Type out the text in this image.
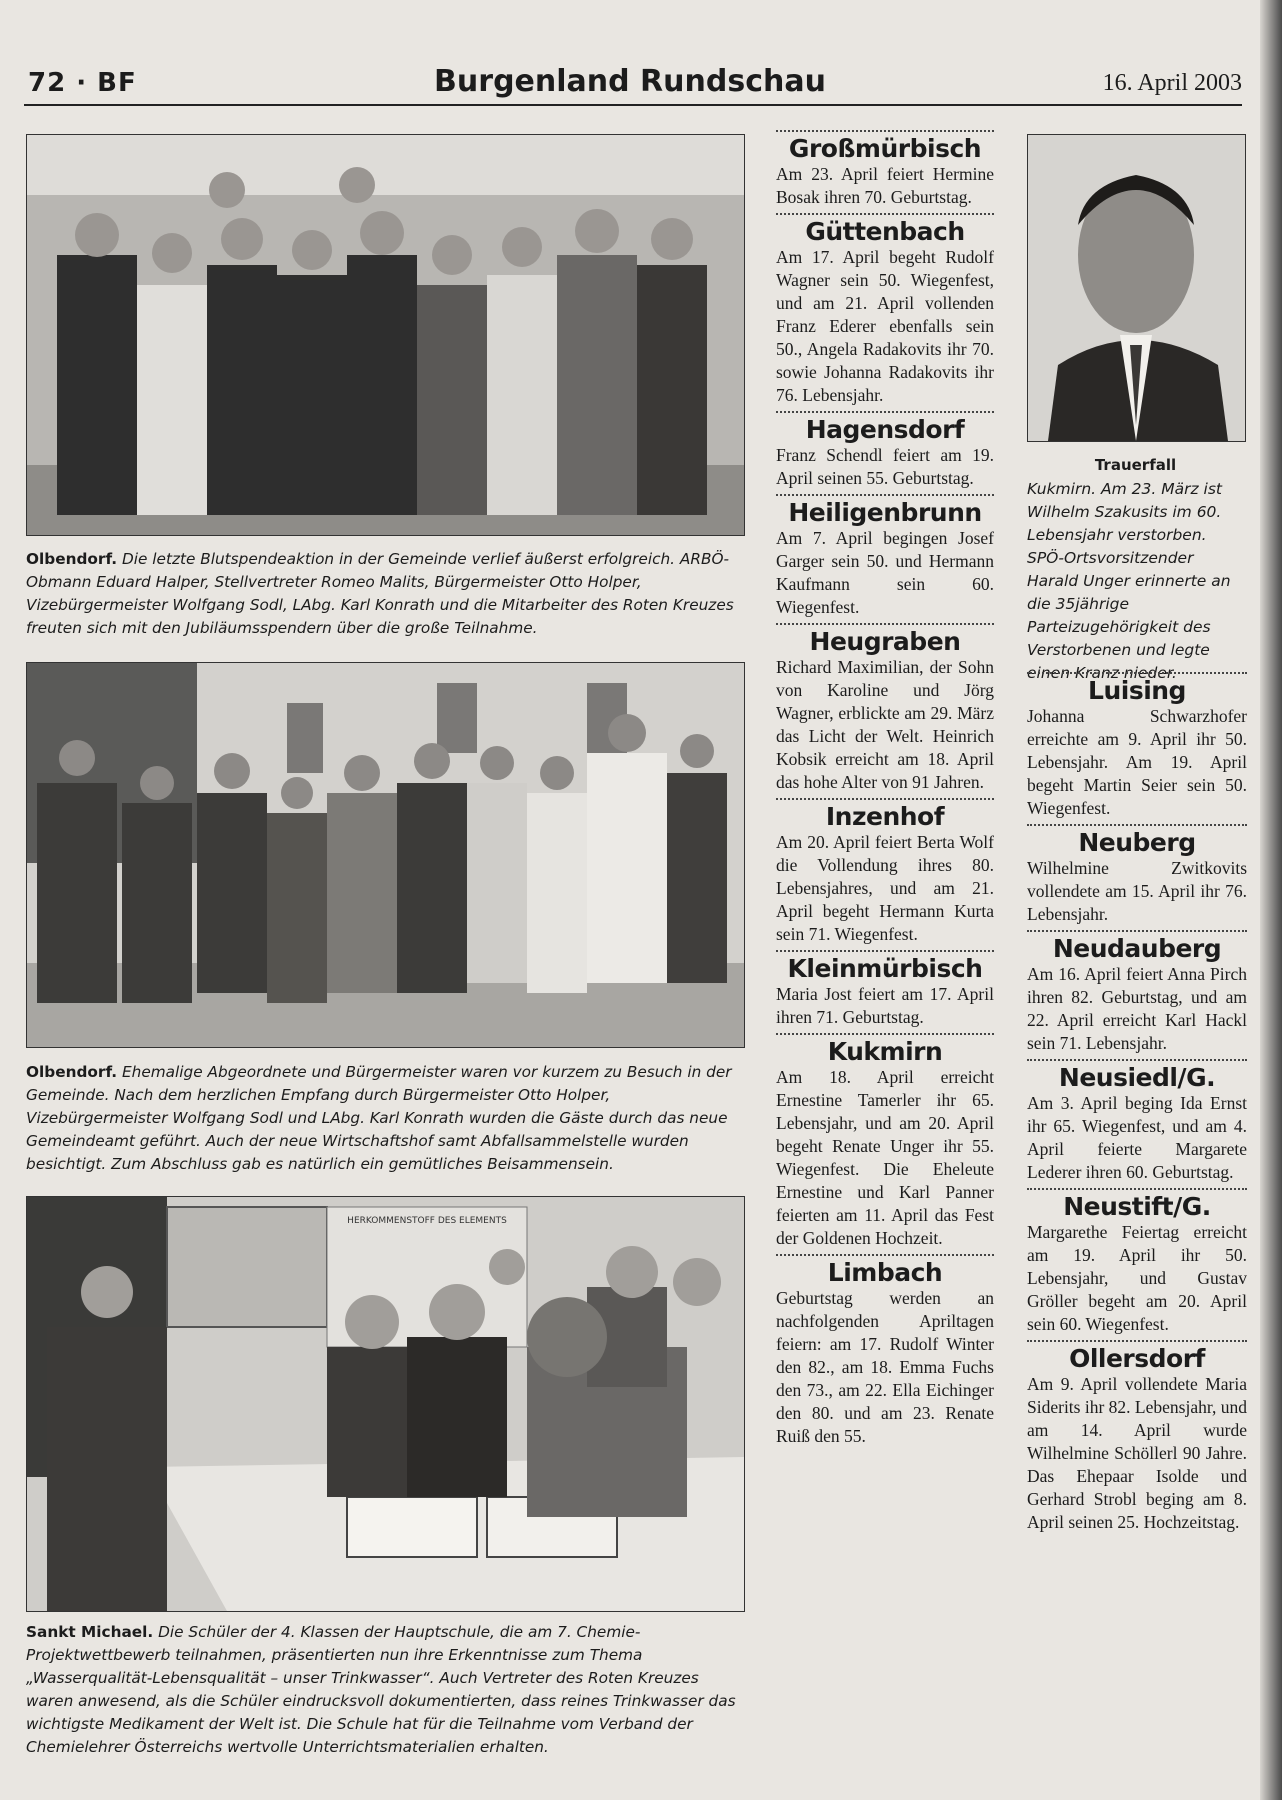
72 · BF	Burgenland Rundschau	16. April 2003
Olbendorf. Die letzte Blutspendeaktion in der Gemeinde verlief äußerst erfolgreich. ARBÖ-Obmann Eduard Halper, Stellvertreter Romeo Malits, Bürgermeister Otto Holper, Vizebürgermeister Wolfgang Sodl, LAbg. Karl Konrath und die Mitarbeiter des Roten Kreuzes freuten sich mit den Jubiläumsspendern über die große Teilnahme.
Olbendorf. Ehemalige Abgeordnete und Bürgermeister waren vor kurzem zu Besuch in der Gemeinde. Nach dem herzlichen Empfang durch Bürgermeister Otto Holper, Vizebürgermeister Wolfgang Sodl und LAbg. Karl Konrath wurden die Gäste durch das neue Gemeindeamt geführt. Auch der neue Wirtschaftshof samt Abfallsammelstelle wurden besichtigt. Zum Abschluss gab es natürlich ein gemütliches Beisammensein.
HERKOMMENSTOFF DES ELEMENTS
Sankt Michael. Die Schüler der 4. Klassen der Hauptschule, die am 7. Chemie-Projektwettbewerb teilnahmen, präsentierten nun ihre Erkenntnisse zum Thema „Wasserqualität-Lebensqualität – unser Trinkwasser“. Auch Vertreter des Roten Kreuzes waren anwesend, als die Schüler eindrucksvoll dokumentierten, dass reines Trinkwasser das wichtigste Medikament der Welt ist. Die Schule hat für die Teilnahme vom Verband der Chemielehrer Österreichs wertvolle Unterrichtsmaterialien erhalten.
Großmürbisch

Am 23. April feiert Hermine Bosak ihren 70. Geburtstag.

Güttenbach

Am 17. April begeht Rudolf Wagner sein 50. Wiegenfest, und am 21. April vollenden Franz Ederer ebenfalls sein 50., Angela Radakovits ihr 70. sowie Johanna Radakovits ihr 76. Lebensjahr.

Hagensdorf

Franz Schendl feiert am 19. April seinen 55. Geburtstag.

Heiligenbrunn

Am 7. April begingen Josef Garger sein 50. und Hermann Kaufmann sein 60. Wiegenfest.

Heugraben

Richard Maximilian, der Sohn von Karoline und Jörg Wagner, erblickte am 29. März das Licht der Welt. Heinrich Kobsik erreicht am 18. April das hohe Alter von 91 Jahren.

Inzenhof

Am 20. April feiert Berta Wolf die Vollendung ihres 80. Lebensjahres, und am 21. April begeht Hermann Kurta sein 71. Wiegenfest.

Kleinmürbisch

Maria Jost feiert am 17. April ihren 71. Geburtstag.

Kukmirn

Am 18. April erreicht Ernestine Tamerler ihr 65. Lebensjahr, und am 20. April begeht Renate Unger ihr 55. Wiegenfest. Die Eheleute Ernestine und Karl Panner feierten am 11. April das Fest der Goldenen Hochzeit.

Limbach

Geburtstag werden an nachfolgenden Apriltagen feiern: am 17. Rudolf Winter den 82., am 18. Emma Fuchs den 73., am 22. Ella Eichinger den 80. und am 23. Renate Ruiß den 55.

Trauerfall
Kukmirn. Am 23. März ist Wilhelm Szakusits im 60. Lebensjahr verstorben. SPÖ-Ortsvorsitzender Harald Unger erinnerte an die 35jährige Parteizugehörigkeit des Verstorbenen und legte einen Kranz nieder.
Luising

Johanna Schwarzhofer erreichte am 9. April ihr 50. Lebensjahr. Am 19. April begeht Martin Seier sein 50. Wiegenfest.

Neuberg

Wilhelmine Zwitkovits vollendete am 15. April ihr 76. Lebensjahr.

Neudauberg

Am 16. April feiert Anna Pirch ihren 82. Geburtstag, und am 22. April erreicht Karl Hackl sein 71. Lebensjahr.

Neusiedl/G.

Am 3. April beging Ida Ernst ihr 65. Wiegenfest, und am 4. April feierte Margarete Lederer ihren 60. Geburtstag.

Neustift/G.

Margarethe Feiertag erreicht am 19. April ihr 50. Lebensjahr, und Gustav Gröller begeht am 20. April sein 60. Wiegenfest.

Ollersdorf

Am 9. April vollendete Maria Siderits ihr 82. Lebensjahr, und am 14. April wurde Wilhelmine Schöllerl 90 Jahre. Das Ehepaar Isolde und Gerhard Strobl beging am 8. April seinen 25. Hochzeitstag.
